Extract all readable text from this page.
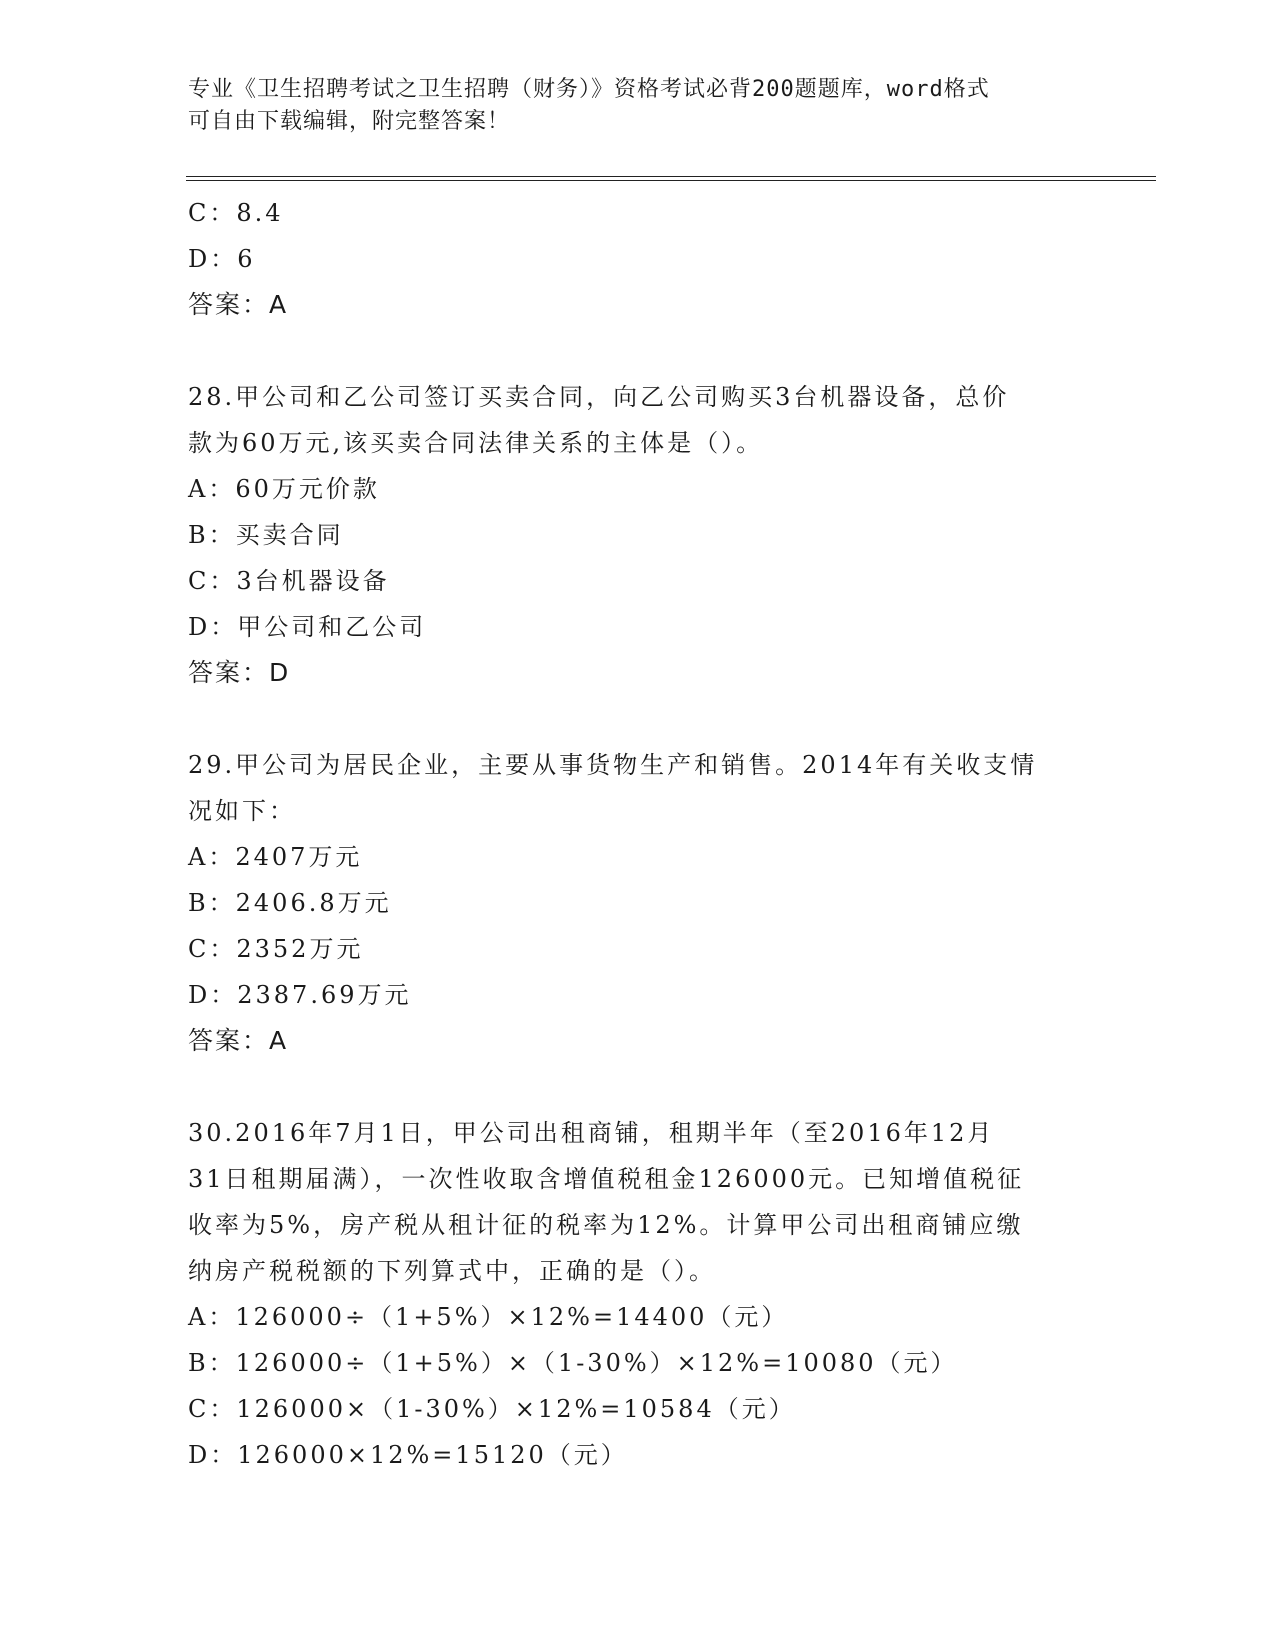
专业《卫生招聘考试之卫生招聘（财务）》资格考试必背200题题库，word格式
可自由下载编辑，附完整答案！
C：8.4
D：6
答案：A
28.甲公司和乙公司签订买卖合同，向乙公司购买3台机器设备，总价
款为60万元,该买卖合同法律关系的主体是（）。
A：60万元价款
B：买卖合同
C：3台机器设备
D：甲公司和乙公司
答案：D
29.甲公司为居民企业，主要从事货物生产和销售。2014年有关收支情
况如下：
A：2407万元
B：2406.8万元
C：2352万元
D：2387.69万元
答案：A
30.2016年7月1日，甲公司出租商铺，租期半年（至2016年12月
31日租期届满），一次性收取含增值税租金126000元。已知增值税征
收率为5%，房产税从租计征的税率为12%。计算甲公司出租商铺应缴
纳房产税税额的下列算式中，正确的是（）。
A：126000÷（1+5%）×12%=14400（元）
B：126000÷（1+5%）×（1-30%）×12%=10080（元）
C：126000×（1-30%）×12%=10584（元）
D：126000×12%=15120（元）
